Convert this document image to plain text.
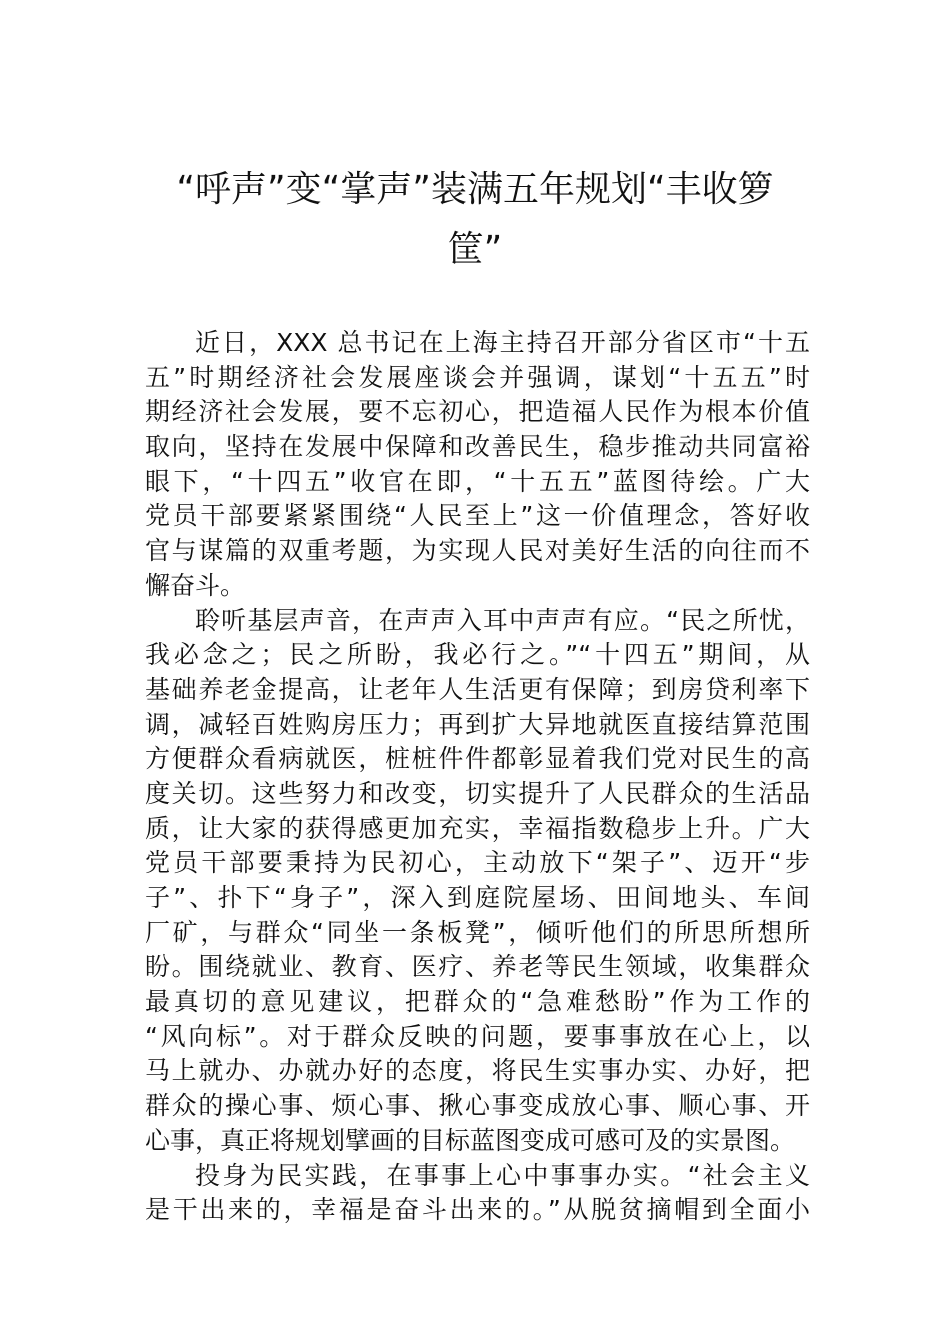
“呼声”变“掌声”装满五年规划“丰收箩
筐”
近日，XXX 总书记在上海主持召开部分省区市“十五
五”时期经济社会发展座谈会并强调，谋划“十五五”时
期经济社会发展，要不忘初心，把造福人民作为根本价值
取向，坚持在发展中保障和改善民生，稳步推动共同富裕
眼下，“十四五”收官在即，“十五五”蓝图待绘。广大
党员干部要紧紧围绕“人民至上”这一价值理念，答好收
官与谋篇的双重考题，为实现人民对美好生活的向往而不
懈奋斗。
聆听基层声音，在声声入耳中声声有应。“民之所忧，
我必念之；民之所盼，我必行之。”“十四五”期间，从
基础养老金提高，让老年人生活更有保障；到房贷利率下
调，减轻百姓购房压力；再到扩大异地就医直接结算范围
方便群众看病就医，桩桩件件都彰显着我们党对民生的高
度关切。这些努力和改变，切实提升了人民群众的生活品
质，让大家的获得感更加充实，幸福指数稳步上升。广大
党员干部要秉持为民初心，主动放下“架子”、迈开“步
子”、扑下“身子”，深入到庭院屋场、田间地头、车间
厂矿，与群众“同坐一条板凳”，倾听他们的所思所想所
盼。围绕就业、教育、医疗、养老等民生领域，收集群众
最真切的意见建议，把群众的“急难愁盼”作为工作的
“风向标”。对于群众反映的问题，要事事放在心上，以
马上就办、办就办好的态度，将民生实事办实、办好，把
群众的操心事、烦心事、揪心事变成放心事、顺心事、开
心事，真正将规划擘画的目标蓝图变成可感可及的实景图。
投身为民实践，在事事上心中事事办实。“社会主义
是干出来的，幸福是奋斗出来的。”从脱贫摘帽到全面小
